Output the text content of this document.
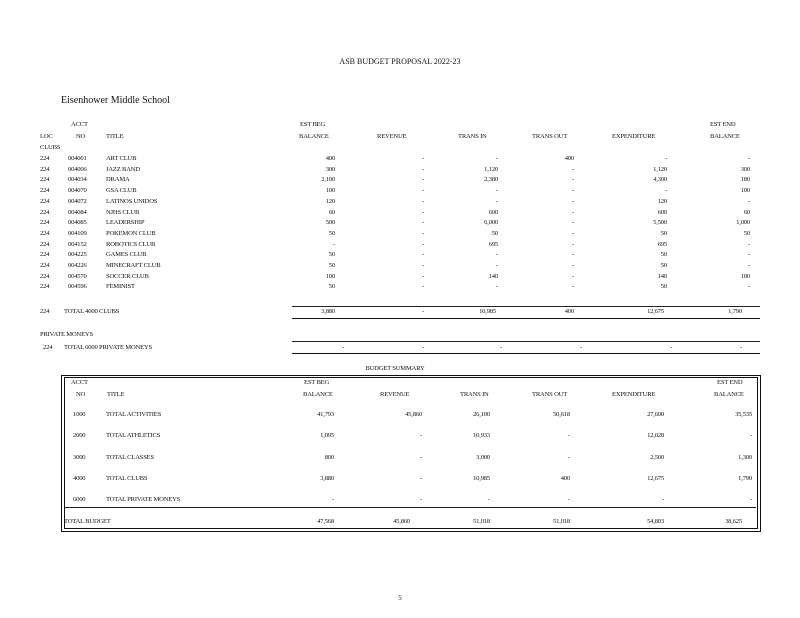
ASB BUDGET PROPOSAL 2022-23
Eisenhower Middle School
ACCT	EST BEG	EST END
LOC	NO	TITLE	BALANCE	REVENUE	TRANS IN	TRANS OUT	EXPENDITURE	BALANCE
CLUBS
224	004001	ART CLUB	400	-	-	400	-	-
224	004006	JAZZ BAND	300	-	1,120	-	1,120	300
224	004034	DRAMA	2,100	-	2,380	-	4,300	180
224	004070	GSA CLUB	100	-	-	-	-	100
224	004072	LATINOS UNIDOS	120	-	-	-	120	-
224	004084	NJHS CLUB	60	-	600	-	600	60
224	004085	LEADERSHIP	500	-	6,000	-	5,500	1,000
224	004109	POKEMON CLUB	50	-	50	-	50	50
224	004152	ROBOTICS CLUB	-	-	695	-	695	-
224	004225	GAMES CLUB	50	-	-	-	50	-
224	004226	MINECRAFT CLUB	50	-	-	-	50	-
224	004570	SOCCER CLUB	100	-	140	-	140	100
224	004596	FEMINIST	50	-	-	-	50	-
224 TOTAL 4000 CLUBS	3,880	-	10,985	400	12,675	1,790
PRIVATE MONEYS
224 TOTAL 6000 PRIVATE MONEYS	-	-	-	-	-	-
BUDGET SUMMARY
ACCT	EST BEG	EST END
NO	TITLE	BALANCE	REVENUE	TRANS IN	TRANS OUT	EXPENDITURE	BALANCE
1000	TOTAL ACTIVITIES	41,793	45,860	26,100	50,618	27,600	35,535
2000	TOTAL ATHLETICS	1,095	-	10,933	-	12,028	-
3000	TOTAL CLASSES	800	-	3,000	-	2,500	1,300
4000	TOTAL CLUBS	3,880	-	10,985	400	12,675	1,790
6000	TOTAL PRIVATE MONEYS	-	-	-	-	-	-
TOTAL BUDGET	47,568	45,860	51,018	51,018	54,803	38,625
5
